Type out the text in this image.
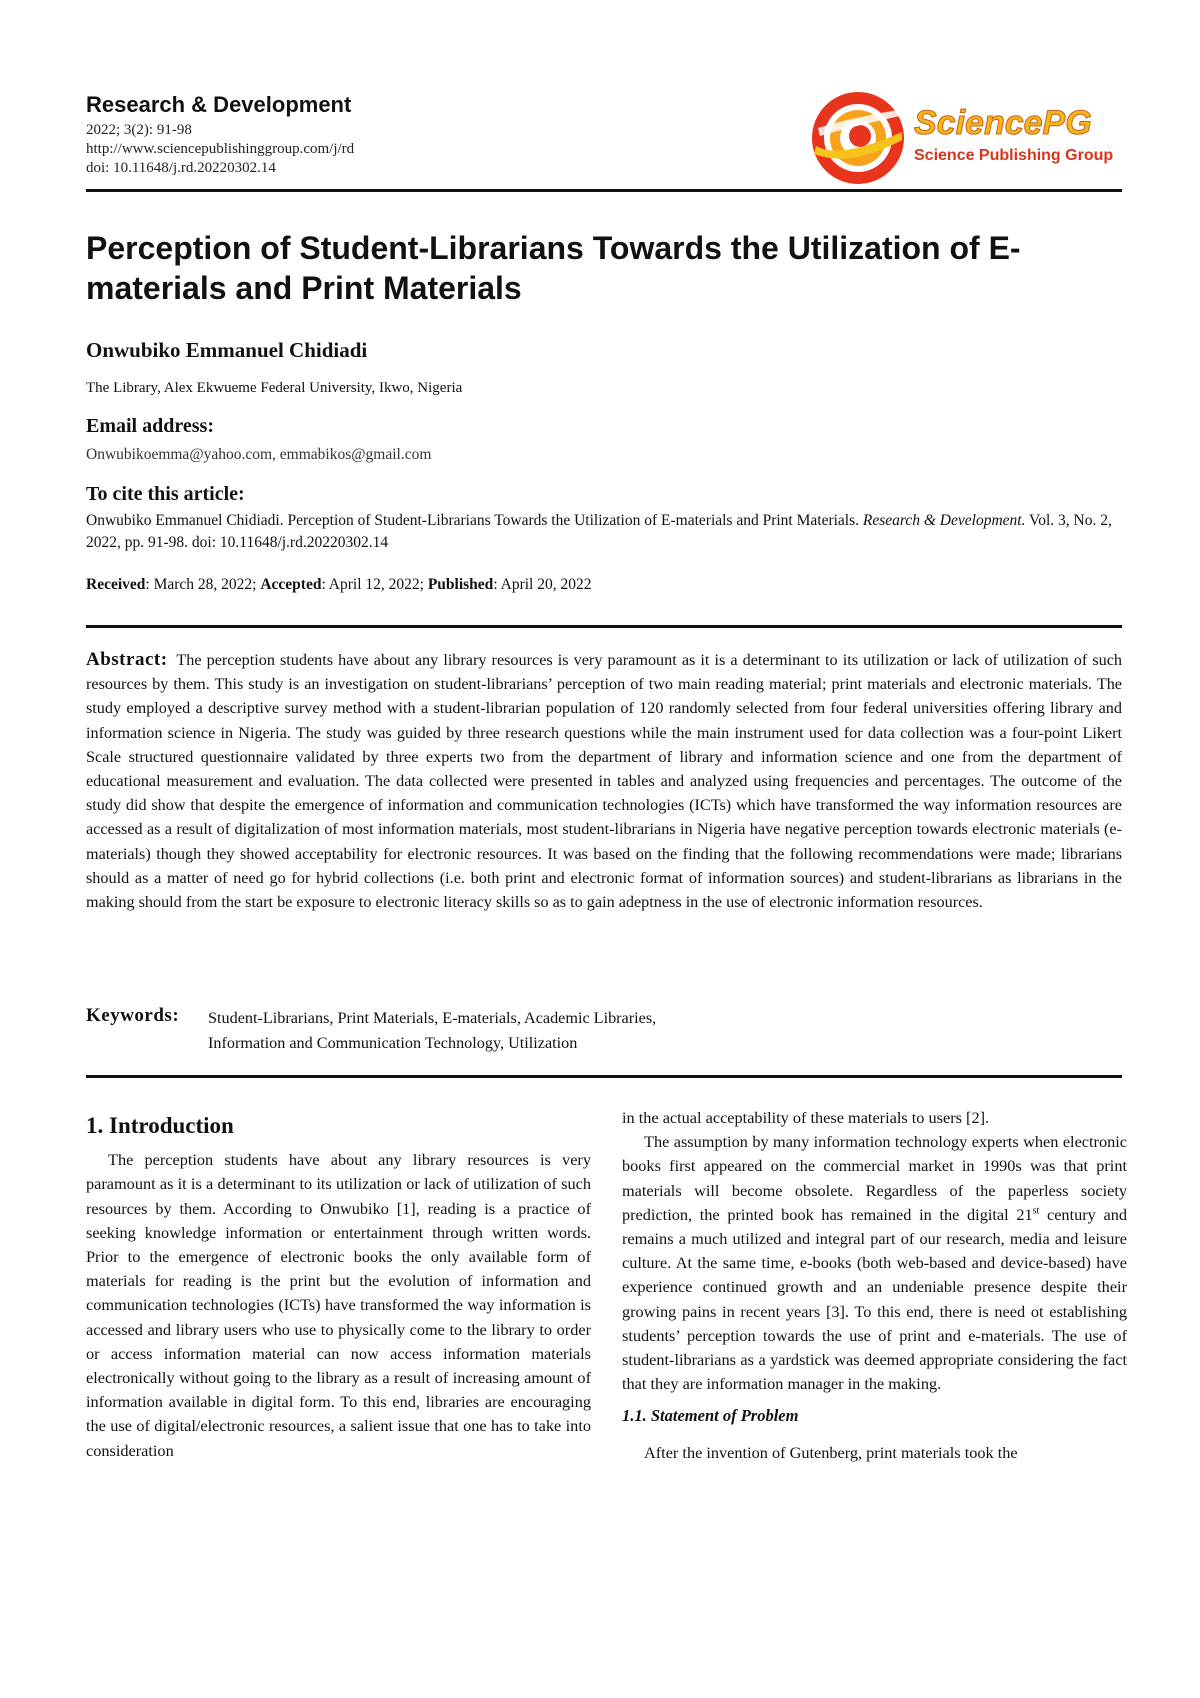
Research & Development
2022; 3(2): 91-98
http://www.sciencepublishinggroup.com/j/rd
doi: 10.11648/j.rd.20220302.14
SciencePG
Science Publishing Group
Perception of Student-Librarians Towards the Utilization of E-materials and Print Materials
Onwubiko Emmanuel Chidiadi
The Library, Alex Ekwueme Federal University, Ikwo, Nigeria
Email address:
Onwubikoemma@yahoo.com, emmabikos@gmail.com
To cite this article:
Onwubiko Emmanuel Chidiadi. Perception of Student-Librarians Towards the Utilization of E-materials and Print Materials. Research & Development. Vol. 3, No. 2, 2022, pp. 91-98. doi: 10.11648/j.rd.20220302.14
Received: March 28, 2022; Accepted: April 12, 2022; Published: April 20, 2022

Abstract: The perception students have about any library resources is very paramount as it is a determinant to its utilization or lack of utilization of such resources by them. This study is an investigation on student-librarians’ perception of two main reading material; print materials and electronic materials. The study employed a descriptive survey method with a student-librarian population of 120 randomly selected from four federal universities offering library and information science in Nigeria. The study was guided by three research questions while the main instrument used for data collection was a four-point Likert Scale structured questionnaire validated by three experts two from the department of library and information science and one from the department of educational measurement and evaluation. The data collected were presented in tables and analyzed using frequencies and percentages. The outcome of the study did show that despite the emergence of information and communication technologies (ICTs) which have transformed the way information resources are accessed as a result of digitalization of most information materials, most student-librarians in Nigeria have negative perception towards electronic materials (e-materials) though they showed acceptability for electronic resources. It was based on the finding that the following recommendations were made; librarians should as a matter of need go for hybrid collections (i.e. both print and electronic format of information sources) and student-librarians as librarians in the making should from the start be exposure to electronic literacy skills so as to gain adeptness in the use of electronic information resources.

Keywords: Student-Librarians, Print Materials, E-materials, Academic Libraries,
Information and Communication Technology, Utilization
1. Introduction

The perception students have about any library resources is very paramount as it is a determinant to its utilization or lack of utilization of such resources by them. According to Onwubiko [1], reading is a practice of seeking knowledge information or entertainment through written words. Prior to the emergence of electronic books the only available form of materials for reading is the print but the evolution of information and communication technologies (ICTs) have transformed the way information is accessed and library users who use to physically come to the library to order or access information material can now access information materials electronically without going to the library as a result of increasing amount of information available in digital form. To this end, libraries are encouraging the use of digital/electronic resources, a salient issue that one has to take into consideration

in the actual acceptability of these materials to users [2].

The assumption by many information technology experts when electronic books first appeared on the commercial market in 1990s was that print materials will become obsolete. Regardless of the paperless society prediction, the printed book has remained in the digital 21st century and remains a much utilized and integral part of our research, media and leisure culture. At the same time, e-books (both web-based and device-based) have experience continued growth and an undeniable presence despite their growing pains in recent years [3]. To this end, there is need ot establishing students’ perception towards the use of print and e-materials. The use of student-librarians as a yardstick was deemed appropriate considering the fact that they are information manager in the making.

1.1. Statement of Problem

After the invention of Gutenberg, print materials took the
